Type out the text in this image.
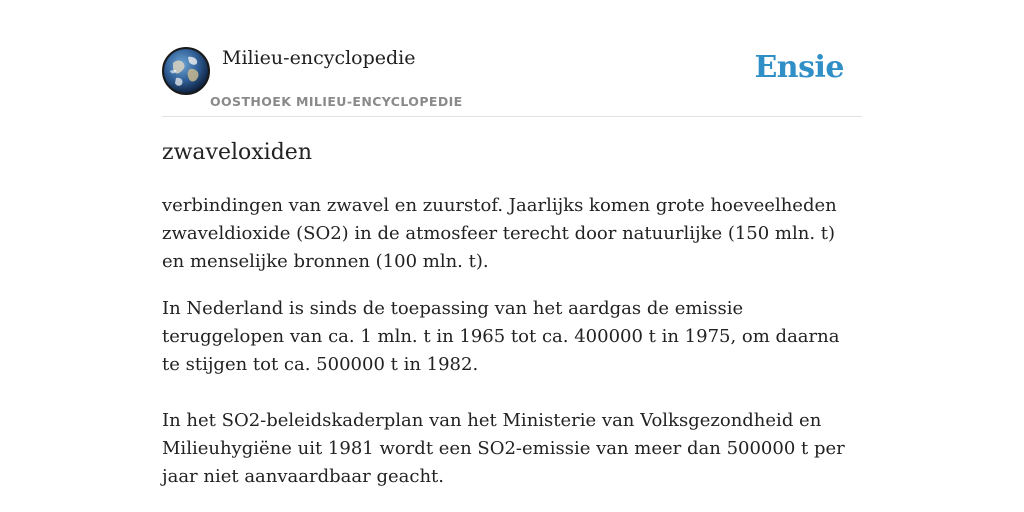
Milieu-encyclopedie
OOSTHOEK MILIEU-ENCYCLOPEDIE
Ensie
zwaveloxiden

verbindingen van zwavel en zuurstof. Jaarlijks komen grote hoeveelheden zwaveldioxide (SO2) in de atmosfeer terecht door natuurlijke (150 mln. t) en menselijke bronnen (100 mln. t).

In Nederland is sinds de toepassing van het aardgas de emissie teruggelopen van ca. 1 mln. t in 1965 tot ca. 400000 t in 1975, om daarna te stijgen tot ca. 500000 t in 1982.

In het SO2-beleidskaderplan van het Ministerie van Volksgezondheid en Milieuhygiëne uit 1981 wordt een SO2-emissie van meer dan 500000 t per jaar niet aanvaardbaar geacht.
